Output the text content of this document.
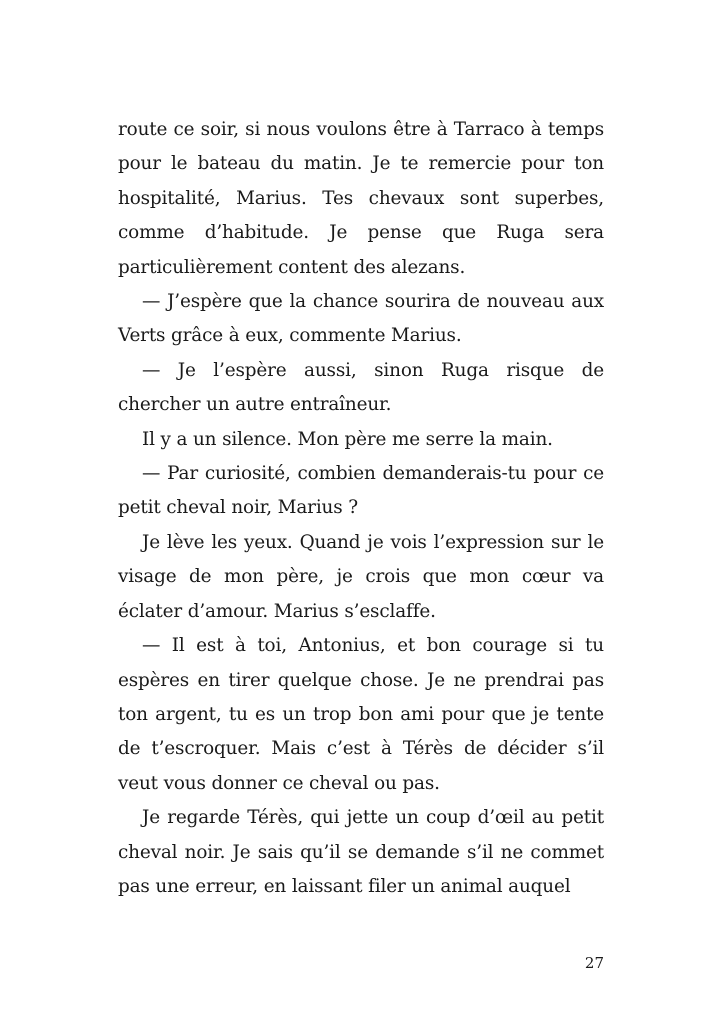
route ce soir, si nous voulons être à Tarraco à temps pour le bateau du matin. Je te remercie pour ton hospitalité, Marius. Tes chevaux sont superbes, comme d’habitude. Je pense que Ruga sera particulièrement content des alezans.

— J’espère que la chance sourira de nouveau aux Verts grâce à eux, commente Marius.

— Je l’espère aussi, sinon Ruga risque de chercher un autre entraîneur.

Il y a un silence. Mon père me serre la main.

— Par curiosité, combien demanderais-tu pour ce petit cheval noir, Marius ?

Je lève les yeux. Quand je vois l’expression sur le visage de mon père, je crois que mon cœur va éclater d’amour. Marius s’esclaffe.

— Il est à toi, Antonius, et bon courage si tu espères en tirer quelque chose. Je ne prendrai pas ton argent, tu es un trop bon ami pour que je tente de t’escroquer. Mais c’est à Térès de décider s’il veut vous donner ce cheval ou pas.

Je regarde Térès, qui jette un coup d’œil au petit cheval noir. Je sais qu’il se demande s’il ne commet pas une erreur, en laissant filer un animal auquel

27
